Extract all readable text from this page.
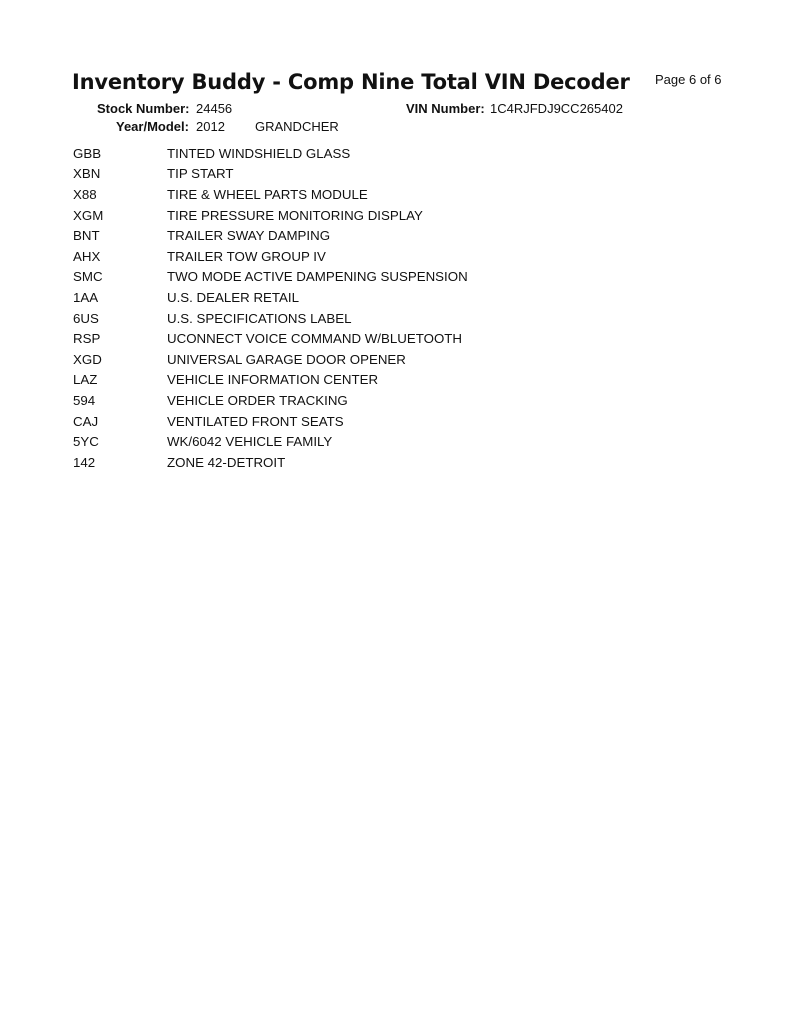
Inventory Buddy - Comp Nine Total VIN Decoder Page 6 of 6
Stock Number: 24456	VIN Number: 1C4RJFDJ9CC265402
Year/Model: 2012 GRANDCHER
GBB	TINTED WINDSHIELD GLASS
XBN	TIP START
X88	TIRE & WHEEL PARTS MODULE
XGM	TIRE PRESSURE MONITORING DISPLAY
BNT	TRAILER SWAY DAMPING
AHX	TRAILER TOW GROUP IV
SMC	TWO MODE ACTIVE DAMPENING SUSPENSION
1AA	U.S. DEALER RETAIL
6US	U.S. SPECIFICATIONS LABEL
RSP	UCONNECT VOICE COMMAND W/BLUETOOTH
XGD	UNIVERSAL GARAGE DOOR OPENER
LAZ	VEHICLE INFORMATION CENTER
594	VEHICLE ORDER TRACKING
CAJ	VENTILATED FRONT SEATS
5YC	WK/6042 VEHICLE FAMILY
142	ZONE 42-DETROIT
